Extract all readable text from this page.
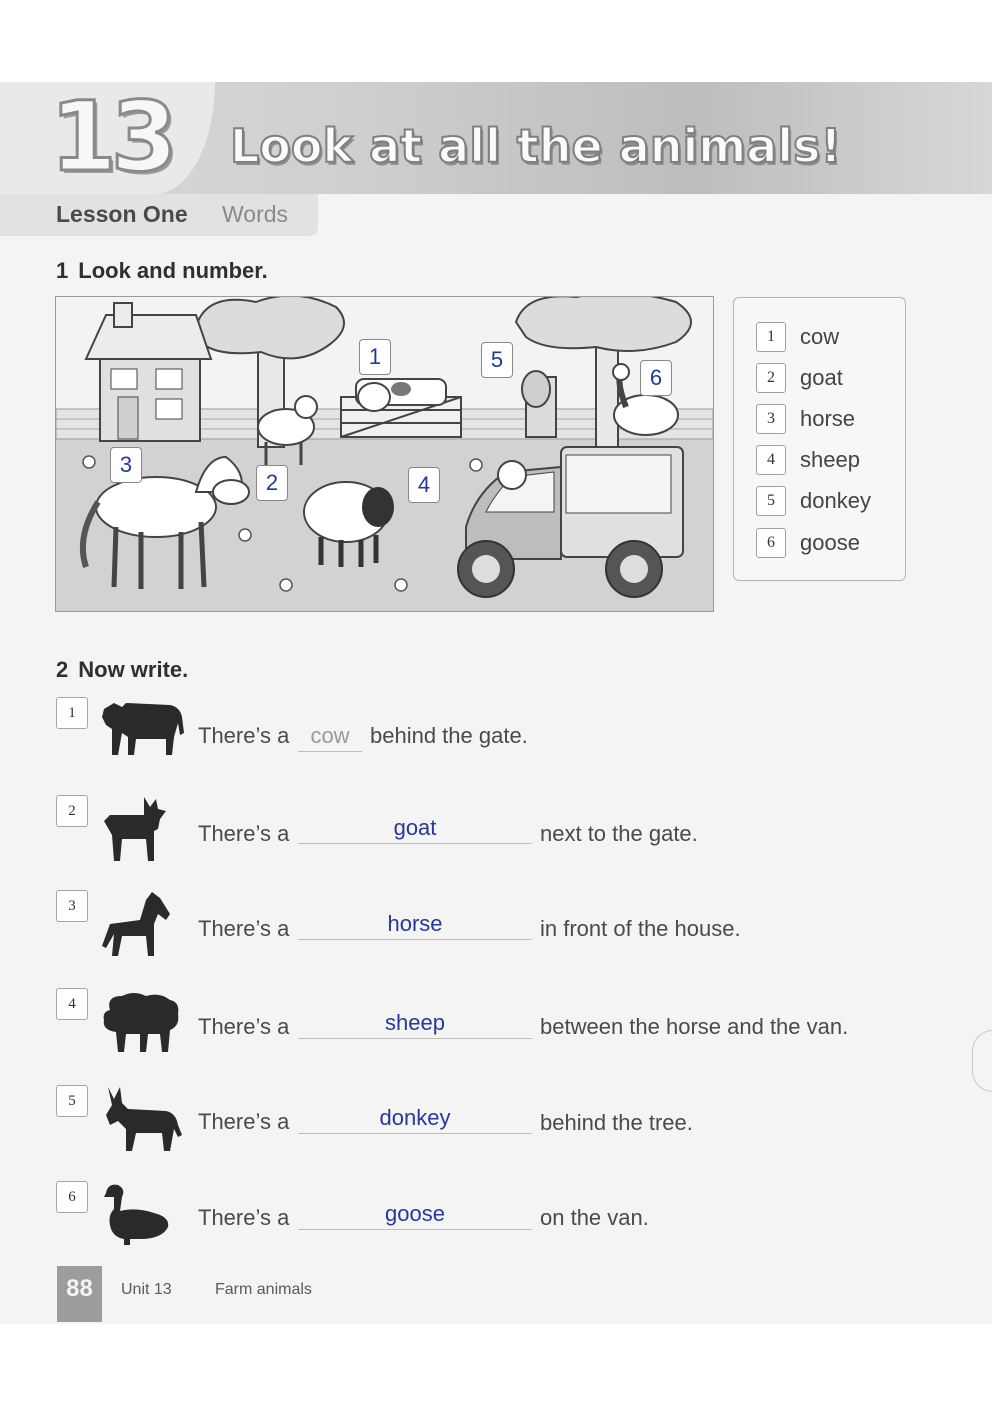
13 Look at all the animals!
Lesson One Words
1 Look and number.
1
2
3
4
5
6
1	cow
2	goat
3	horse
4	sheep
5	donkey
6	goose
2 Now write.
1
There’s a cow behind the gate.
2
There’s a	goat	next to the gate.
3
There’s a	horse	in front of the house.
4
There’s a	sheep	between the horse and the van.
5
There’s a	donkey	behind the tree.
6
There’s a	goose	on the van.
88	Unit 13	Farm animals
